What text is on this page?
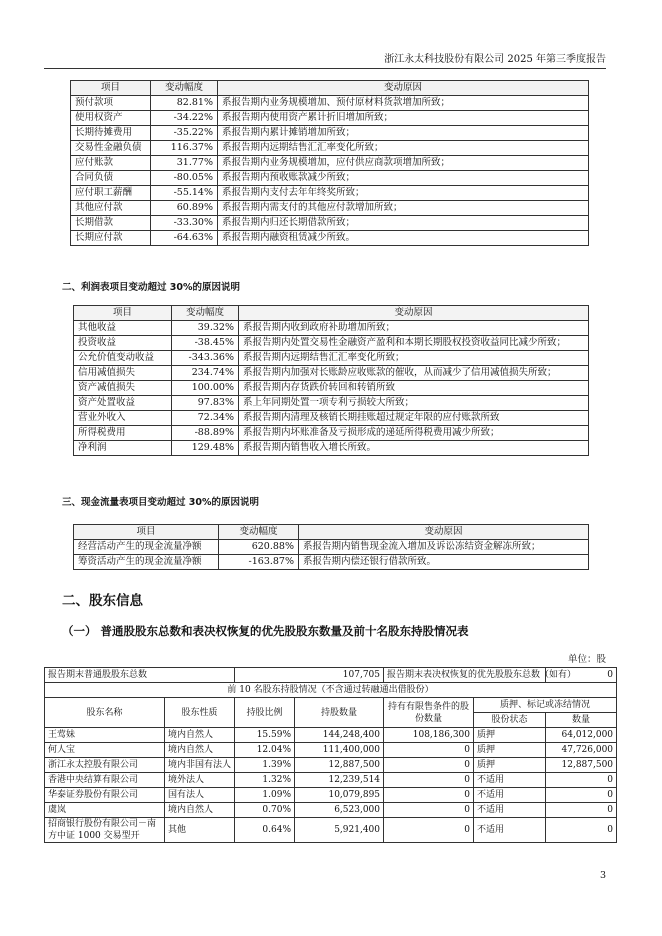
浙江永太科技股份有限公司 2025 年第三季度报告
项目	变动幅度	变动原因
预付款项	82.81%	系报告期内业务规模增加、预付原材料货款增加所致；
使用权资产	-34.22%	系报告期内使用资产累计折旧增加所致；
长期待摊费用	-35.22%	系报告期内累计摊销增加所致；
交易性金融负债	116.37%	系报告期内远期结售汇汇率变化所致；
应付账款	31.77%	系报告期内业务规模增加，应付供应商款项增加所致；
合同负债	-80.05%	系报告期内预收账款减少所致；
应付职工薪酬	-55.14%	系报告期内支付去年年终奖所致；
其他应付款	60.89%	系报告期内需支付的其他应付款增加所致；
长期借款	-33.30%	系报告期内归还长期借款所致；
长期应付款	-64.63%	系报告期内融资租赁减少所致。
二、利润表项目变动超过 30%的原因说明
项目	变动幅度	变动原因
其他收益	39.32%	系报告期内收到政府补助增加所致；
投资收益	-38.45%	系报告期内处置交易性金融资产盈利和本期长期股权投资收益同比减少所致；
公允价值变动收益	-343.36%	系报告期内远期结售汇汇率变化所致；
信用减值损失	234.74%	系报告期内加强对长账龄应收账款的催收，从而减少了信用减值损失所致；
资产减值损失	100.00%	系报告期内存货跌价转回和转销所致
资产处置收益	97.83%	系上年同期处置一项专利亏损较大所致；
营业外收入	72.34%	系报告期内清理及核销长期挂账超过规定年限的应付账款所致
所得税费用	-88.89%	系报告期内坏账准备及亏损形成的递延所得税费用减少所致；
净利润	129.48%	系报告期内销售收入增长所致。
三、现金流量表项目变动超过 30%的原因说明
项目	变动幅度	变动原因
经营活动产生的现金流量净额	620.88%	系报告期内销售现金流入增加及诉讼冻结资金解冻所致；
筹资活动产生的现金流量净额	-163.87%	系报告期内偿还银行借款所致。
二、股东信息
（一） 普通股股东总数和表决权恢复的优先股股东数量及前十名股东持股情况表
单位：股
报告期末普通股股东总数		107,705		报告期末表决权恢复的优先股股东总数（如有）		0
前 10 名股东持股情况（不含通过转融通出借股份）						
股东名称	股东性质	持股比例	持股数量	持有有限售条件的股份数量	质押、标记或冻结情况	
					股份状态	数量
王莺妹	境内自然人	15.59%	144,248,400	108,186,300	质押	64,012,000
何人宝	境内自然人	12.04%	111,400,000	0	质押	47,726,000
浙江永太控股有限公司	境内非国有法人	1.39%	12,887,500	0	质押	12,887,500
香港中央结算有限公司	境外法人	1.32%	12,239,514	0	不适用	0
华泰证券股份有限公司	国有法人	1.09%	10,079,895	0	不适用	0
虞岚	境内自然人	0.70%	6,523,000	0	不适用	0
招商银行股份有限公司－南方中证 1000 交易型开	其他	0.64%	5,921,400	0	不适用	0
3
